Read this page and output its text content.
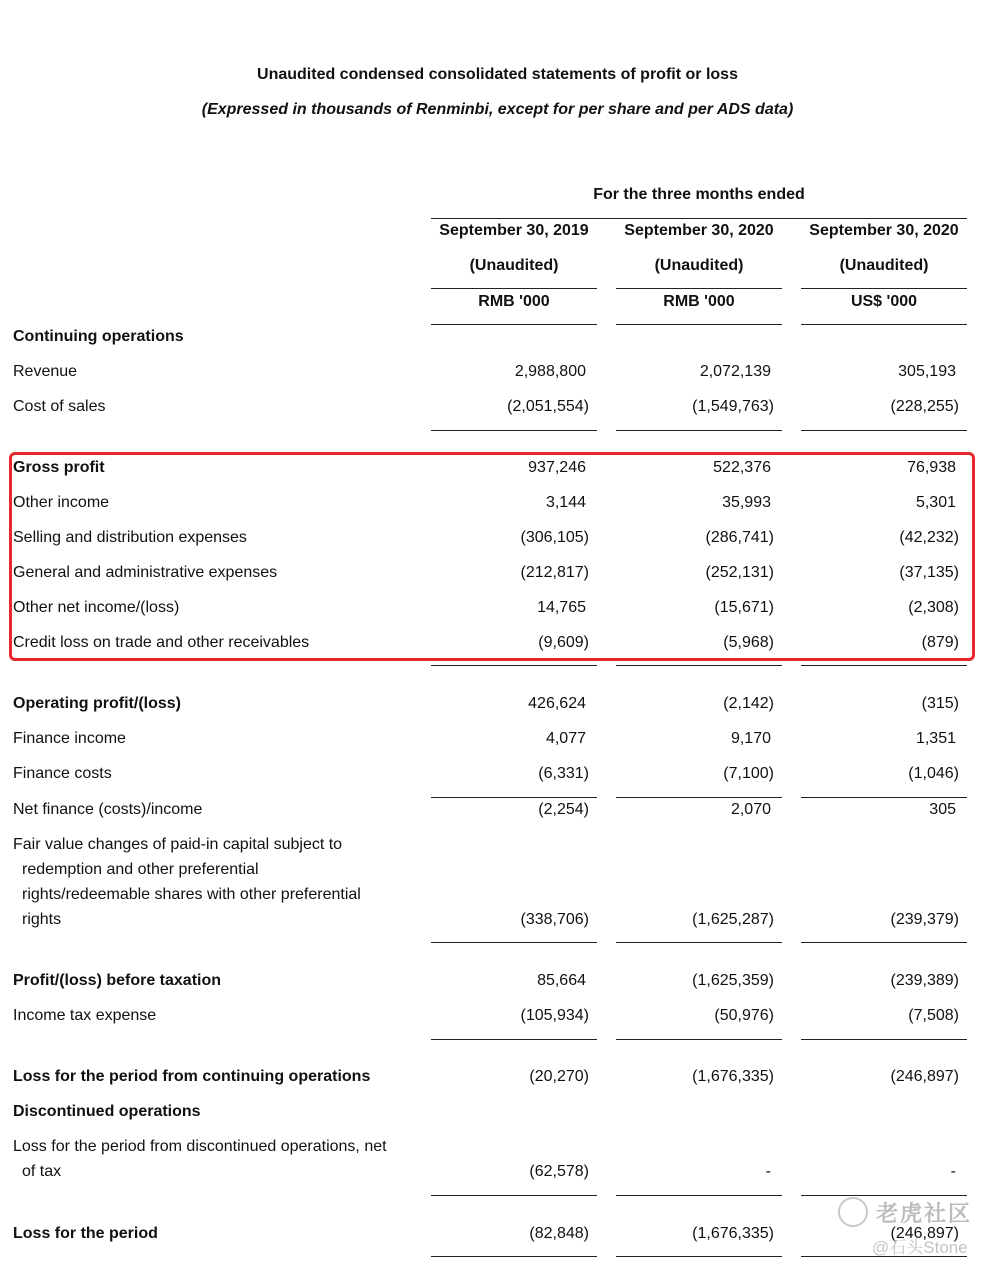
Unaudited condensed consolidated statements of profit or loss
(Expressed in thousands of Renminbi, except for per share and per ADS data)
For the three months ended
September 30, 2019
(Unaudited)
RMB '000
September 30, 2020
(Unaudited)
RMB '000
September 30, 2020
(Unaudited)
US$ '000
Continuing operations
Revenue	2,988,800	2,072,139	305,193
Cost of sales	(2,051,554)	(1,549,763)	(228,255)
Gross profit	937,246	522,376	76,938
Other income	3,144	35,993	5,301
Selling and distribution expenses	(306,105)	(286,741)	(42,232)
General and administrative expenses	(212,817)	(252,131)	(37,135)
Other net income/(loss)	14,765	(15,671)	(2,308)
Credit loss on trade and other receivables	(9,609)	(5,968)	(879)
Operating profit/(loss)	426,624	(2,142)	(315)
Finance income	4,077	9,170	1,351
Finance costs	(6,331)	(7,100)	(1,046)
Net finance (costs)/income	(2,254)	2,070	305
Fair value changes of paid-in capital subject to
redemption and other preferential
rights/redeemable shares with other preferential
rights	(338,706)	(1,625,287)	(239,379)
Profit/(loss) before taxation	85,664	(1,625,359)	(239,389)
Income tax expense	(105,934)	(50,976)	(7,508)
Loss for the period from continuing operations	(20,270)	(1,676,335)	(246,897)
Discontinued operations
Loss for the period from discontinued operations, net
of tax	(62,578)	-	-
Loss for the period	(82,848)	(1,676,335)	(246,897)
老虎社区
@石头Stone
